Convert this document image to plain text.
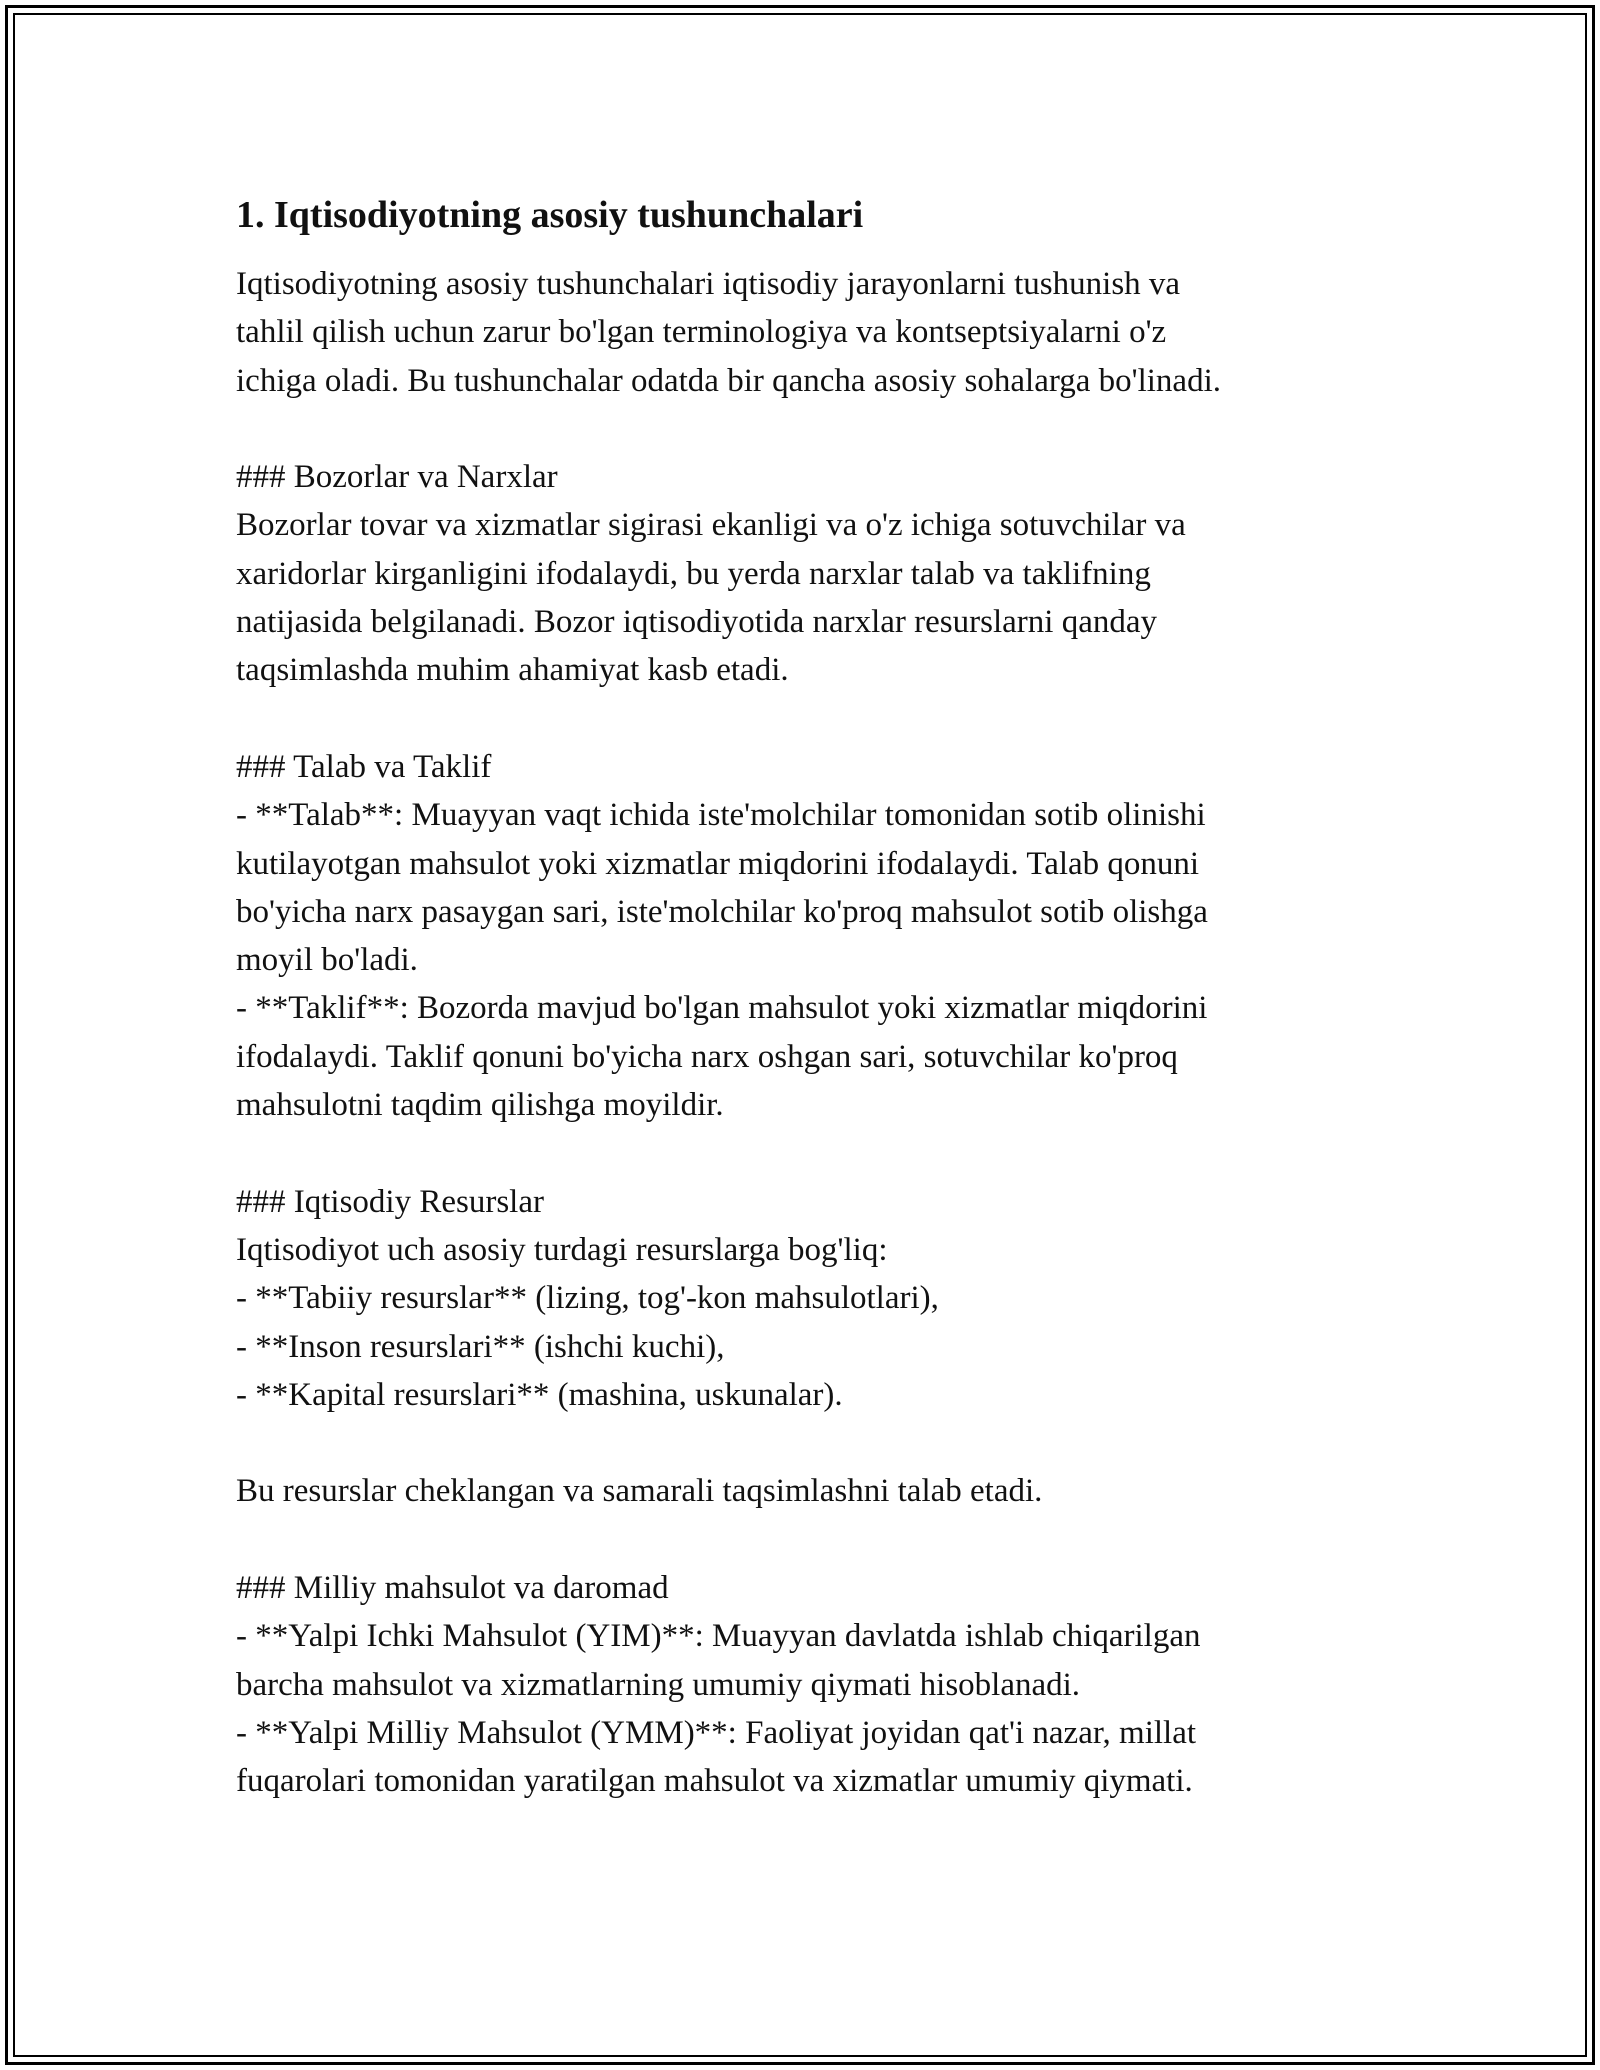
1. Iqtisodiyotning asosiy tushunchalari
Iqtisodiyotning asosiy tushunchalari iqtisodiy jarayonlarni tushunish va
tahlil qilish uchun zarur bo'lgan terminologiya va kontseptsiyalarni o'z
ichiga oladi. Bu tushunchalar odatda bir qancha asosiy sohalarga bo'linadi.
### Bozorlar va Narxlar
Bozorlar tovar va xizmatlar sigirasi ekanligi va o'z ichiga sotuvchilar va
xaridorlar kirganligini ifodalaydi, bu yerda narxlar talab va taklifning
natijasida belgilanadi. Bozor iqtisodiyotida narxlar resurslarni qanday
taqsimlashda muhim ahamiyat kasb etadi.
### Talab va Taklif
- **Talab**: Muayyan vaqt ichida iste'molchilar tomonidan sotib olinishi
kutilayotgan mahsulot yoki xizmatlar miqdorini ifodalaydi. Talab qonuni
bo'yicha narx pasaygan sari, iste'molchilar ko'proq mahsulot sotib olishga
moyil bo'ladi.
- **Taklif**: Bozorda mavjud bo'lgan mahsulot yoki xizmatlar miqdorini
ifodalaydi. Taklif qonuni bo'yicha narx oshgan sari, sotuvchilar ko'proq
mahsulotni taqdim qilishga moyildir.
### Iqtisodiy Resurslar
Iqtisodiyot uch asosiy turdagi resurslarga bog'liq:
- **Tabiiy resurslar** (lizing, tog'-kon mahsulotlari),
- **Inson resurslari** (ishchi kuchi),
- **Kapital resurslari** (mashina, uskunalar).
Bu resurslar cheklangan va samarali taqsimlashni talab etadi.
### Milliy mahsulot va daromad
- **Yalpi Ichki Mahsulot (YIM)**: Muayyan davlatda ishlab chiqarilgan
barcha mahsulot va xizmatlarning umumiy qiymati hisoblanadi.
- **Yalpi Milliy Mahsulot (YMM)**: Faoliyat joyidan qat'i nazar, millat
fuqarolari tomonidan yaratilgan mahsulot va xizmatlar umumiy qiymati.
